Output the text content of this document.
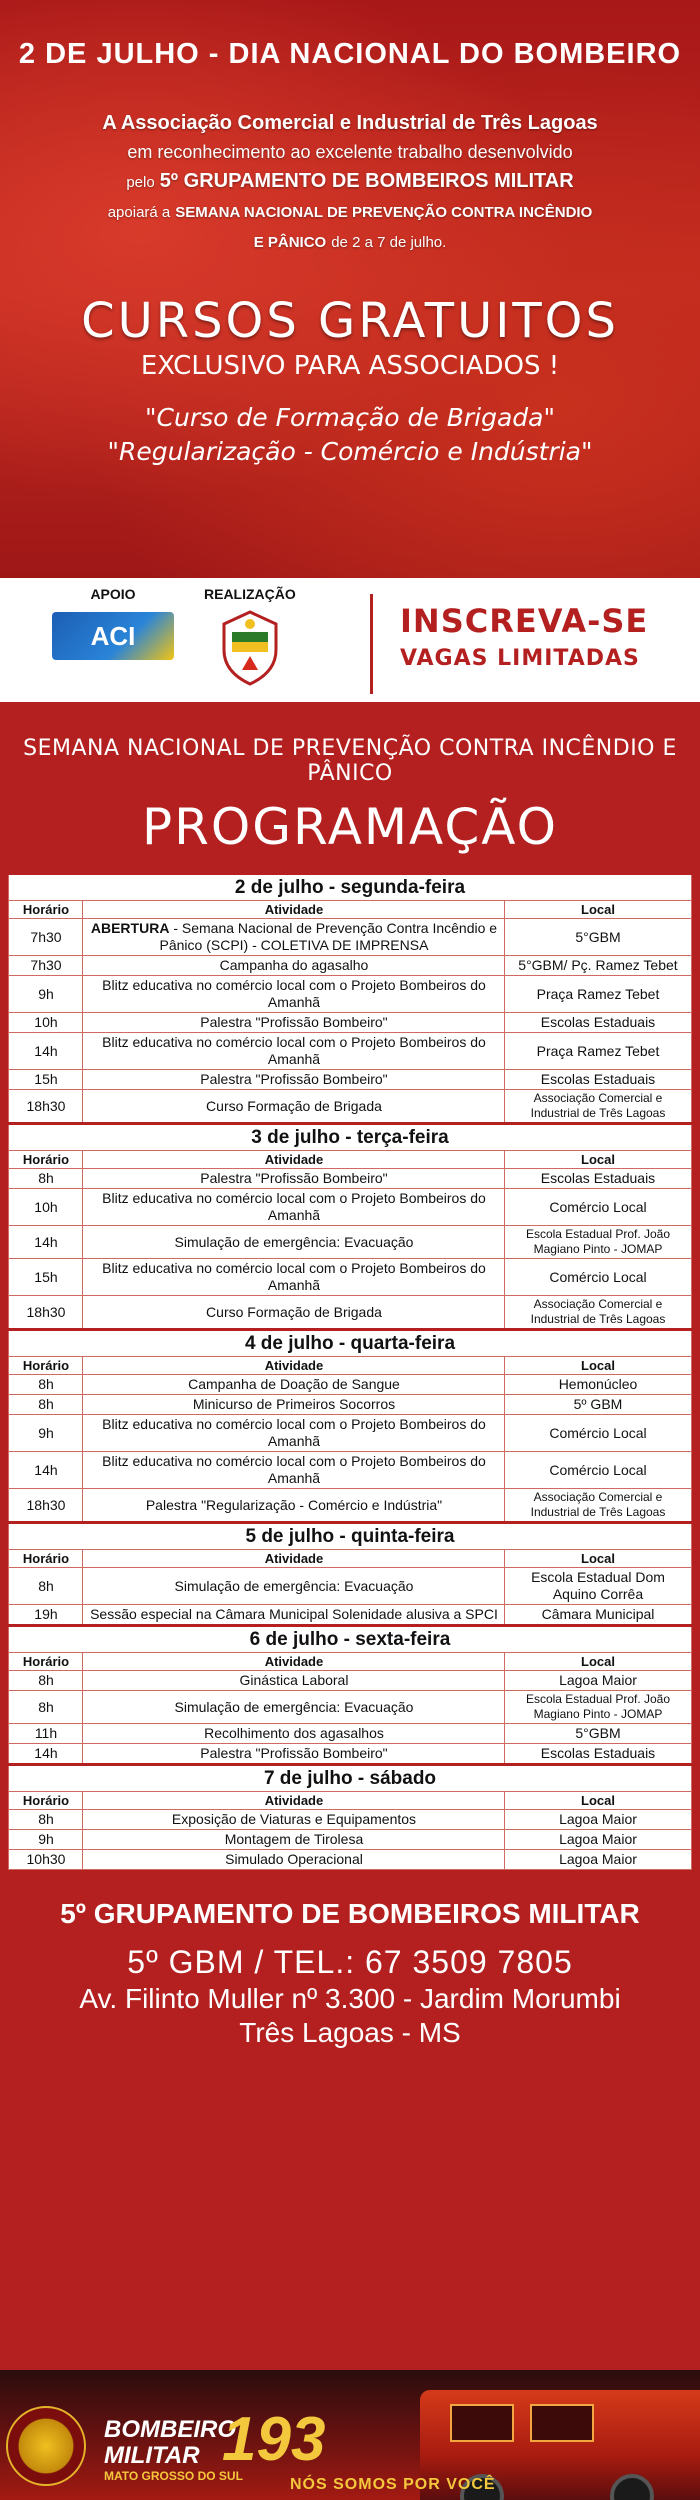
2 DE JULHO - DIA NACIONAL DO BOMBEIRO
A Associação Comercial e Industrial de Três Lagoas
em reconhecimento ao excelente trabalho desenvolvido
pelo 5º GRUPAMENTO DE BOMBEIROS MILITAR
apoiará a SEMANA NACIONAL DE PREVENÇÃO CONTRA INCÊNDIO
E PÂNICO de 2 a 7 de julho.
CURSOS GRATUITOS
EXCLUSIVO PARA ASSOCIADOS !
"Curso de Formação de Brigada"
"Regularização - Comércio e Indústria"
APOIO
ACI
REALIZAÇÃO
INSCREVA-SE
VAGAS LIMITADAS
SEMANA NACIONAL DE PREVENÇÃO CONTRA INCÊNDIO E PÂNICO
PROGRAMAÇÃO
2 de julho - segunda-feira		
Horário	Atividade	Local
7h30	ABERTURA - Semana Nacional de Prevenção Contra Incêndio e Pânico (SCPI) - COLETIVA DE IMPRENSA	5°GBM
7h30	Campanha do agasalho	5°GBM/ Pç. Ramez Tebet
9h	Blitz educativa no comércio local com o Projeto Bombeiros do Amanhã	Praça Ramez Tebet
10h	Palestra "Profissão Bombeiro"	Escolas Estaduais
14h	Blitz educativa no comércio local com o Projeto Bombeiros do Amanhã	Praça Ramez Tebet
15h	Palestra "Profissão Bombeiro"	Escolas Estaduais
18h30	Curso Formação de Brigada	Associação Comercial e Industrial de Três Lagoas
3 de julho - terça-feira		
Horário	Atividade	Local
8h	Palestra "Profissão Bombeiro"	Escolas Estaduais
10h	Blitz educativa no comércio local com o Projeto Bombeiros do Amanhã	Comércio Local
14h	Simulação de emergência: Evacuação	Escola Estadual Prof. João Magiano Pinto - JOMAP
15h	Blitz educativa no comércio local com o Projeto Bombeiros do Amanhã	Comércio Local
18h30	Curso Formação de Brigada	Associação Comercial e Industrial de Três Lagoas
4 de julho - quarta-feira		
Horário	Atividade	Local
8h	Campanha de Doação de Sangue	Hemonúcleo
8h	Minicurso de Primeiros Socorros	5º GBM
9h	Blitz educativa no comércio local com o Projeto Bombeiros do Amanhã	Comércio Local
14h	Blitz educativa no comércio local com o Projeto Bombeiros do Amanhã	Comércio Local
18h30	Palestra "Regularização - Comércio e Indústria"	Associação Comercial e Industrial de Três Lagoas
5 de julho - quinta-feira		
Horário	Atividade	Local
8h	Simulação de emergência: Evacuação	Escola Estadual Dom Aquino Corrêa
19h	Sessão especial na Câmara Municipal Solenidade alusiva a SPCI	Câmara Municipal
6 de julho - sexta-feira		
Horário	Atividade	Local
8h	Ginástica Laboral	Lagoa Maior
8h	Simulação de emergência: Evacuação	Escola Estadual Prof. João Magiano Pinto - JOMAP
11h	Recolhimento dos agasalhos	5°GBM
14h	Palestra "Profissão Bombeiro"	Escolas Estaduais
7 de julho - sábado		
Horário	Atividade	Local
8h	Exposição de Viaturas e Equipamentos	Lagoa Maior
9h	Montagem de Tirolesa	Lagoa Maior
10h30	Simulado Operacional	Lagoa Maior
5º GRUPAMENTO DE BOMBEIROS MILITAR
5º GBM / TEL.: 67 3509 7805
Av. Filinto Muller nº 3.300 - Jardim Morumbi
Três Lagoas - MS
BOMBEIRO
MILITAR
MATO GROSSO DO SUL
193
NÓS SOMOS POR VOCÊ
